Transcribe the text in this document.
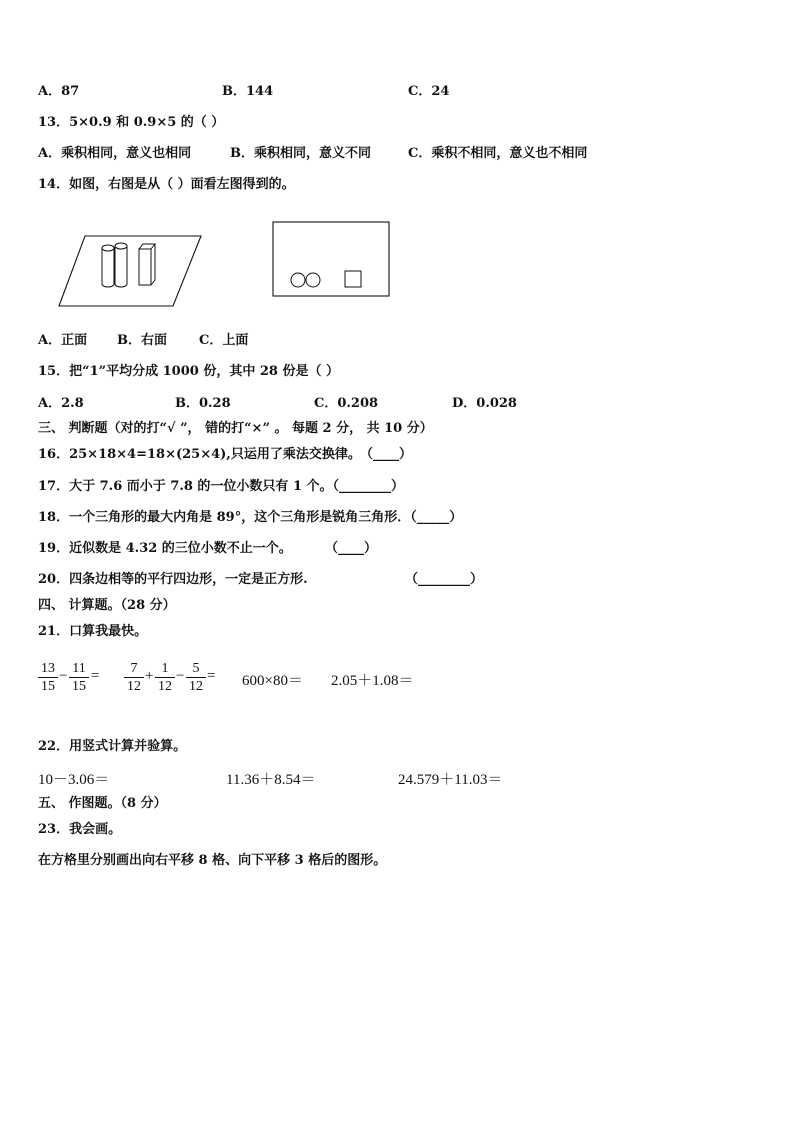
A．87	B．144	C．24
13．5×0.9 和 0.9×5 的（ ）
A．乘积相同，意义也相同	B．乘积相同，意义不同	C．乘积不相同，意义也不相同
14．如图，右图是从（ ）面看左图得到的。
A．正面 B．右面 C．上面
15．把“1”平均分成 1000 份，其中 28 份是（ ）
A．2.8	B．0.28	C．0.208	D．0.028
三、 判断题（对的打“√ ”， 错的打“×” 。 每题 2 分， 共 10 分）
16．25×18×4=18×(25×4),只运用了乘法交换律。 （____）
17．大于 7.6 而小于 7.8 的一位小数只有 1 个。（________）
18．一个三角形的最大内角是 89°，这个三角形是锐角三角形．（_____）
19．近似数是 4.32 的三位小数不止一个。	（____）
20．四条边相等的平行四边形，一定是正方形.	（________）
四、 计算题。（28 分）
21．口算我最快。
$\frac{13}{15} - \frac{11}{15} = \frac{7}{12} + \frac{1}{12} - \frac{5}{12} = 600\times 80= 2.05+1.08=$
22．用竖式计算并验算。
10－3.06＝	11.36＋8.54＝	24.579＋11.03＝
五、 作图题。（8 分）
23．我会画。
在方格里分别画出向右平移 8 格、向下平移 3 格后的图形。
